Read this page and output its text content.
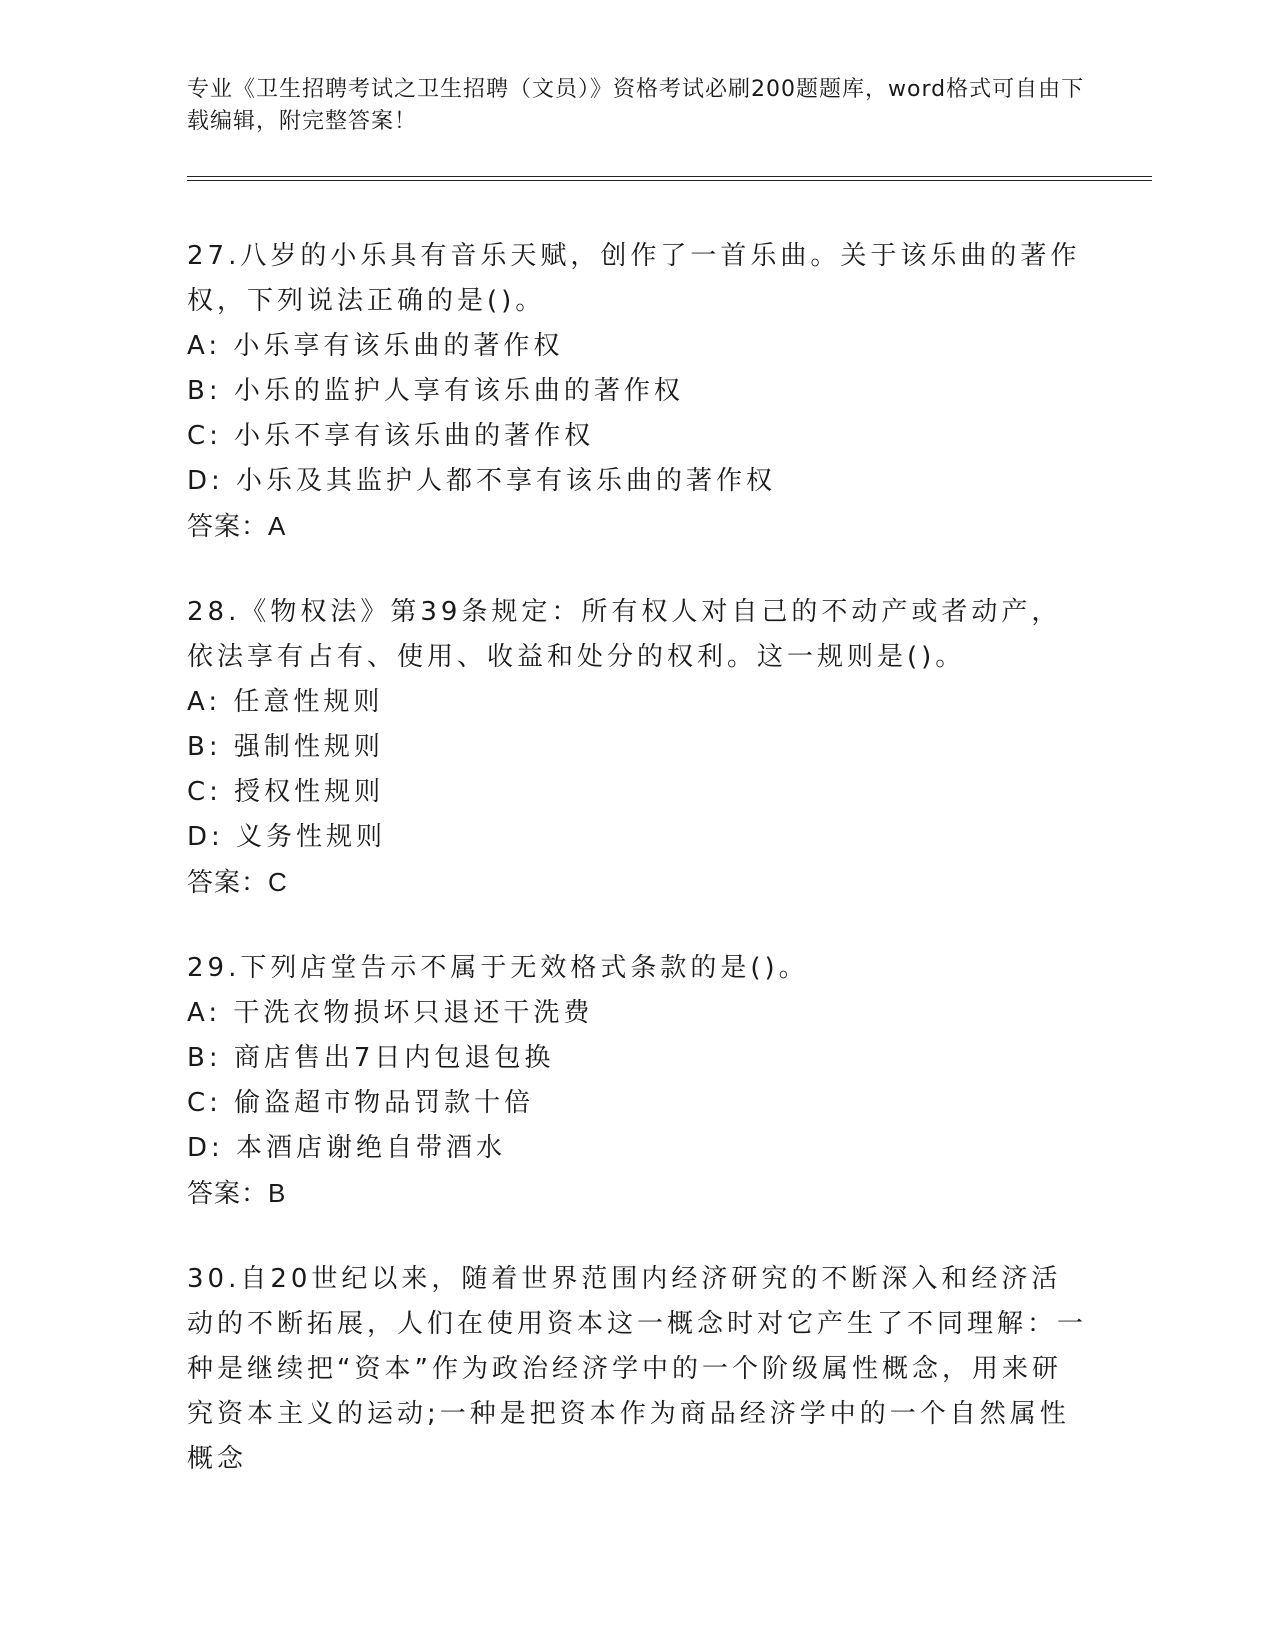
专业《卫生招聘考试之卫生招聘（文员）》资格考试必刷200题题库，word格式可自由下载编辑，附完整答案！

27.八岁的小乐具有音乐天赋，创作了一首乐曲。关于该乐曲的著作权，下列说法正确的是()。

A: 小乐享有该乐曲的著作权
B: 小乐的监护人享有该乐曲的著作权
C: 小乐不享有该乐曲的著作权
D: 小乐及其监护人都不享有该乐曲的著作权
答案：A

28.《物权法》第39条规定：所有权人对自己的不动产或者动产，依法享有占有、使用、收益和处分的权利。这一规则是()。

A: 任意性规则
B: 强制性规则
C: 授权性规则
D: 义务性规则
答案：C

29.下列店堂告示不属于无效格式条款的是()。

A: 干洗衣物损坏只退还干洗费
B: 商店售出7日内包退包换
C: 偷盗超市物品罚款十倍
D: 本酒店谢绝自带酒水
答案：B

30.自20世纪以来，随着世界范围内经济研究的不断深入和经济活动的不断拓展，人们在使用资本这一概念时对它产生了不同理解：一种是继续把“资本”作为政治经济学中的一个阶级属性概念，用来研究资本主义的运动;一种是把资本作为商品经济学中的一个自然属性概念
